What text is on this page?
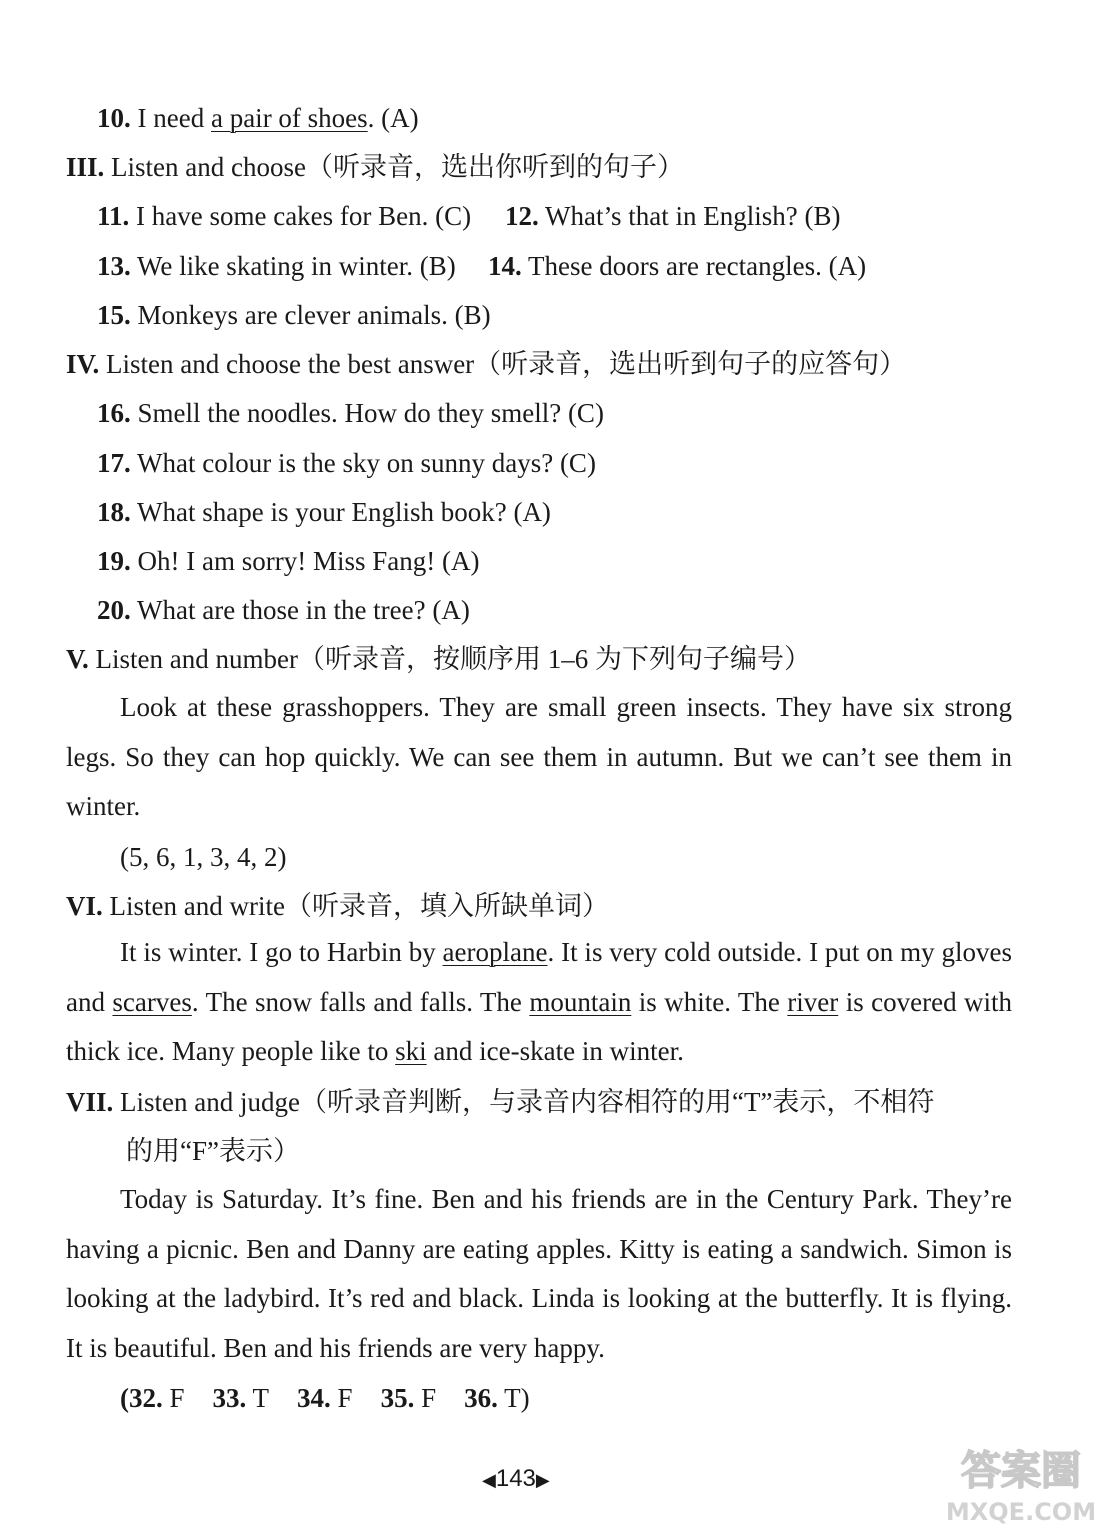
10. I need a pair of shoes. (A)
III. Listen and choose（听录音，选出你听到的句子）
11. I have some cakes for Ben. (C) 12. What’s that in English? (B)
13. We like skating in winter. (B) 14. These doors are rectangles. (A)
15. Monkeys are clever animals. (B)
IV. Listen and choose the best answer（听录音，选出听到句子的应答句）
16. Smell the noodles. How do they smell? (C)
17. What colour is the sky on sunny days? (C)
18. What shape is your English book? (A)
19. Oh! I am sorry! Miss Fang! (A)
20. What are those in the tree? (A)
V. Listen and number（听录音，按顺序用 1–6 为下列句子编号）
Look at these grasshoppers. They are small green insects. They have six strong legs. So they can hop quickly. We can see them in autumn. But we can’t see them in winter.
(5, 6, 1, 3, 4, 2)
VI. Listen and write（听录音，填入所缺单词）
It is winter. I go to Harbin by aeroplane. It is very cold outside. I put on my gloves and scarves. The snow falls and falls. The mountain is white. The river is covered with thick ice. Many people like to ski and ice-skate in winter.
VII. Listen and judge（听录音判断，与录音内容相符的用“T”表示，不相符
的用“F”表示）
Today is Saturday. It’s fine. Ben and his friends are in the Century Park. They’re having a picnic. Ben and Danny are eating apples. Kitty is eating a sandwich. Simon is looking at the ladybird. It’s red and black. Linda is looking at the butterfly. It is flying. It is beautiful. Ben and his friends are very happy.
(32. F 33. T 34. F 35. F 36. T)
◀143▶	答案圈
MXQE.COM
